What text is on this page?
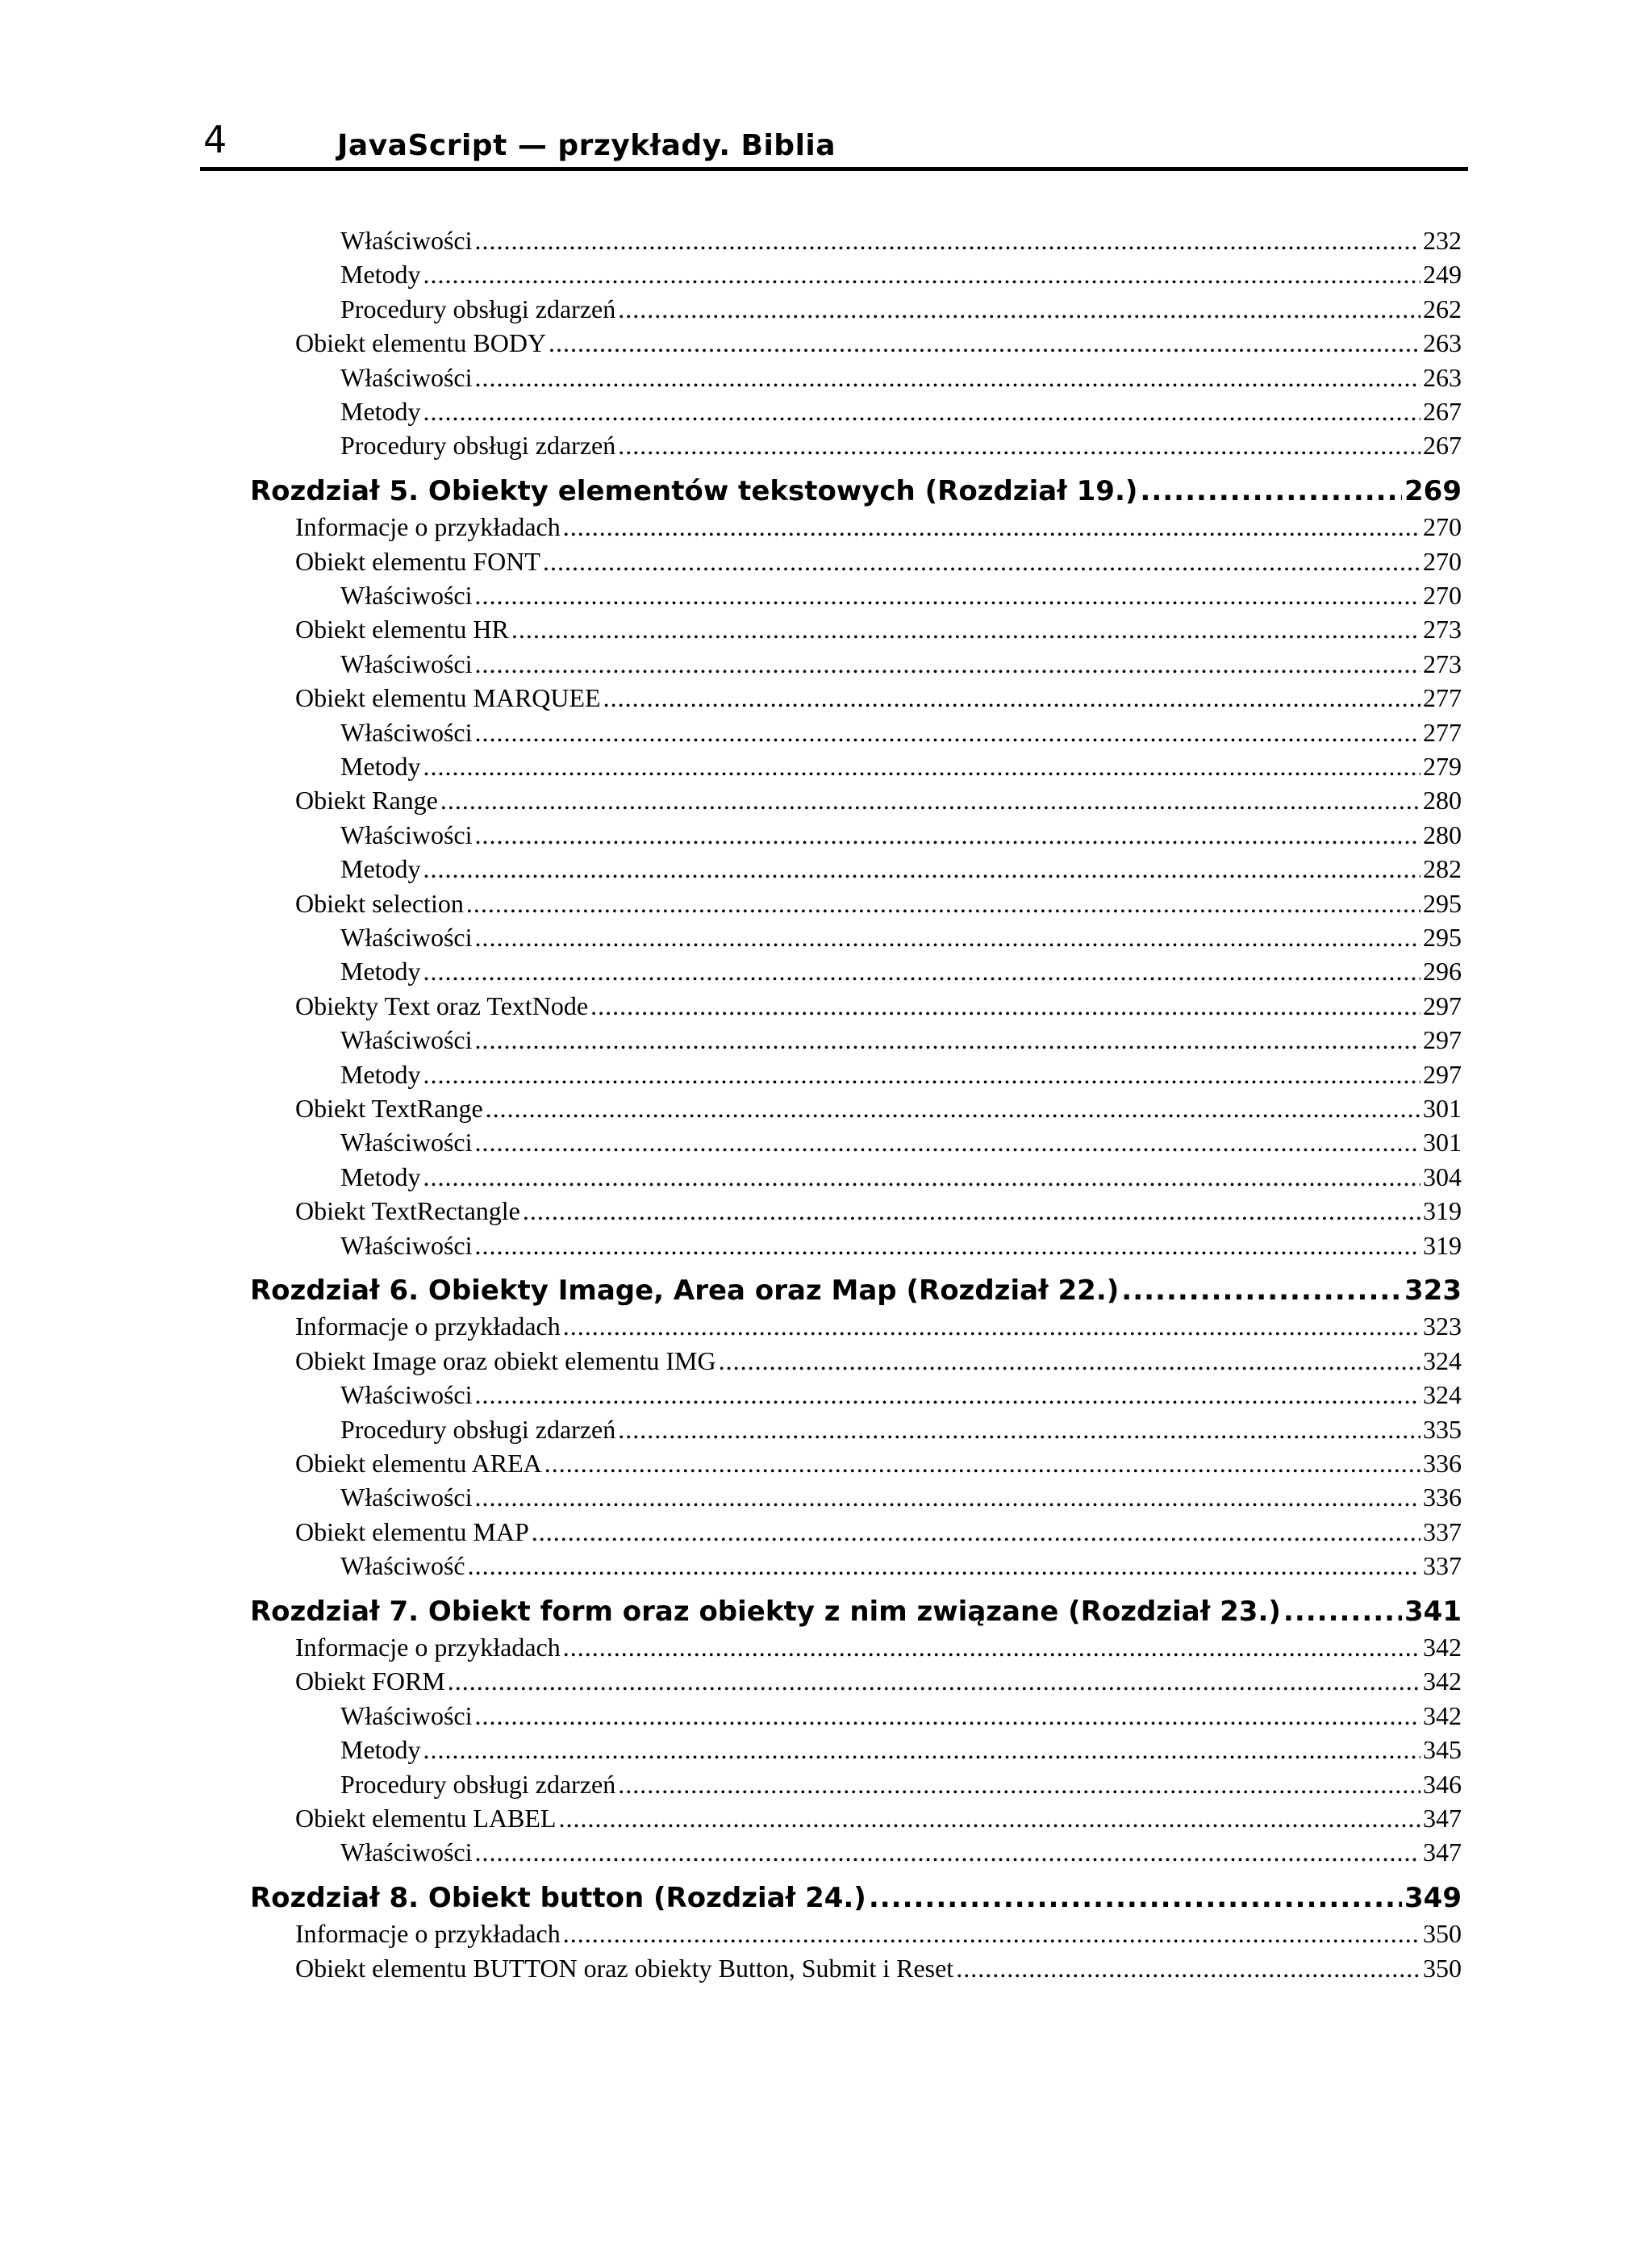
4	JavaScript — przykłady. Biblia
Właściwości .....	232
Metody .....	249
Procedury obsługi zdarzeń .....	262
Obiekt elementu BODY .....	263
Właściwości .....	263
Metody .....	267
Procedury obsługi zdarzeń .....	267
Rozdział 5. Obiekty elementów tekstowych (Rozdział 19.) .....	269
Informacje o przykładach .....	270
Obiekt elementu FONT .....	270
Właściwości .....	270
Obiekt elementu HR .....	273
Właściwości .....	273
Obiekt elementu MARQUEE .....	277
Właściwości .....	277
Metody .....	279
Obiekt Range .....	280
Właściwości .....	280
Metody .....	282
Obiekt selection .....	295
Właściwości .....	295
Metody .....	296
Obiekty Text oraz TextNode .....	297
Właściwości .....	297
Metody .....	297
Obiekt TextRange .....	301
Właściwości .....	301
Metody .....	304
Obiekt TextRectangle .....	319
Właściwości .....	319
Rozdział 6. Obiekty Image, Area oraz Map (Rozdział 22.) .....	323
Informacje o przykładach .....	323
Obiekt Image oraz obiekt elementu IMG .....	324
Właściwości .....	324
Procedury obsługi zdarzeń .....	335
Obiekt elementu AREA .....	336
Właściwości .....	336
Obiekt elementu MAP .....	337
Właściwość .....	337
Rozdział 7. Obiekt form oraz obiekty z nim związane (Rozdział 23.) .....	341
Informacje o przykładach .....	342
Obiekt FORM .....	342
Właściwości .....	342
Metody .....	345
Procedury obsługi zdarzeń .....	346
Obiekt elementu LABEL .....	347
Właściwości .....	347
Rozdział 8. Obiekt button (Rozdział 24.) .....	349
Informacje o przykładach .....	350
Obiekt elementu BUTTON oraz obiekty Button, Submit i Reset .....	350
